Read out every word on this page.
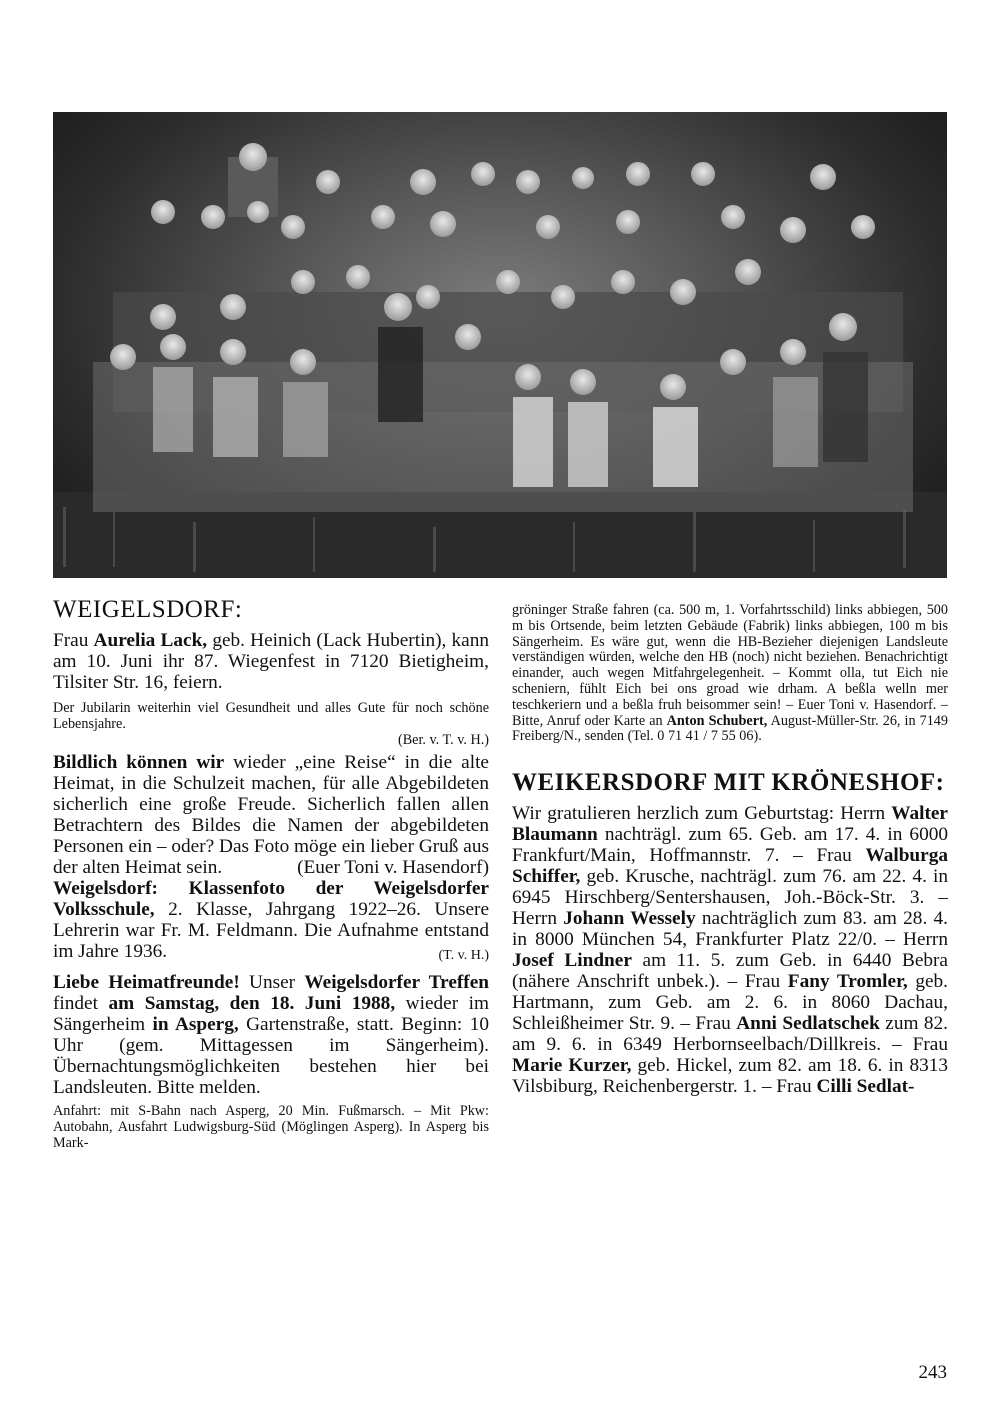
WEIGELSDORF:

Frau Aurelia Lack, geb. Heinich (Lack Hubertin), kann am 10. Juni ihr 87. Wiegenfest in 7120 Bietigheim, Tilsiter Str. 16, feiern.

Der Jubilarin weiterhin viel Gesundheit und alles Gute für noch schöne Lebensjahre.

(Ber. v. T. v. H.)

Bildlich können wir wieder „eine Reise“ in die alte Heimat, in die Schulzeit machen, für alle Abgebildeten sicherlich eine große Freude. Sicherlich fallen allen Betrachtern des Bildes die Namen der abgebildeten Personen ein – oder? Das Foto möge ein lieber Gruß aus der alten Heimat sein.	(Euer Toni v. Hasendorf)

Weigelsdorf: Klassenfoto der Weigelsdorfer Volksschule, 2. Klasse, Jahrgang 1922–26. Unsere Lehrerin war Fr. M. Feldmann. Die Aufnahme entstand im Jahre 1936.	(T. v. H.)

Liebe Heimatfreunde! Unser Weigelsdorfer Treffen findet am Samstag, den 18. Juni 1988, wieder im Sängerheim in Asperg, Gartenstraße, statt. Beginn: 10 Uhr (gem. Mittagessen im Sängerheim). Übernachtungsmöglichkeiten bestehen hier bei Landsleuten. Bitte melden.

Anfahrt: mit S-Bahn nach Asperg, 20 Min. Fußmarsch. – Mit Pkw: Autobahn, Ausfahrt Ludwigsburg-Süd (Möglingen Asperg). In Asperg bis Mark-

gröninger Straße fahren (ca. 500 m, 1. Vorfahrtsschild) links abbiegen, 500 m bis Ortsende, beim letzten Gebäude (Fabrik) links abbiegen, 100 m bis Sängerheim. Es wäre gut, wenn die HB-Bezieher diejenigen Landsleute verständigen würden, welche den HB (noch) nicht beziehen. Benachrichtigt einander, auch wegen Mitfahrgelegenheit. – Kommt olla, tut Eich nie scheniern, fühlt Eich bei ons groad wie drham. A beßla welln mer teschkeriern und a beßla fruh beisommer sein! – Euer Toni v. Hasendorf. – Bitte, Anruf oder Karte an Anton Schubert, August-Müller-Str. 26, in 7149 Freiberg/N., senden (Tel. 0 71 41 / 7 55 06).

WEIKERSDORF MIT KRÖNESHOF:

Wir gratulieren herzlich zum Geburtstag: Herrn Walter Blaumann nachträgl. zum 65. Geb. am 17. 4. in 6000 Frankfurt/Main, Hoffmannstr. 7. – Frau Walburga Schiffer, geb. Krusche, nachträgl. zum 76. am 22. 4. in 6945 Hirschberg/Sentershausen, Joh.-Böck-Str. 3. – Herrn Johann Wessely nachträglich zum 83. am 28. 4. in 8000 München 54, Frankfurter Platz 22/0. – Herrn Josef Lindner am 11. 5. zum Geb. in 6440 Bebra (nähere Anschrift unbek.). – Frau Fany Tromler, geb. Hartmann, zum Geb. am 2. 6. in 8060 Dachau, Schleißheimer Str. 9. – Frau Anni Sedlatschek zum 82. am 9. 6. in 6349 Herbornseelbach/Dillkreis. – Frau Marie Kurzer, geb. Hickel, zum 82. am 18. 6. in 8313 Vilsbiburg, Reichenbergerstr. 1. – Frau Cilli Sedlat-

243
